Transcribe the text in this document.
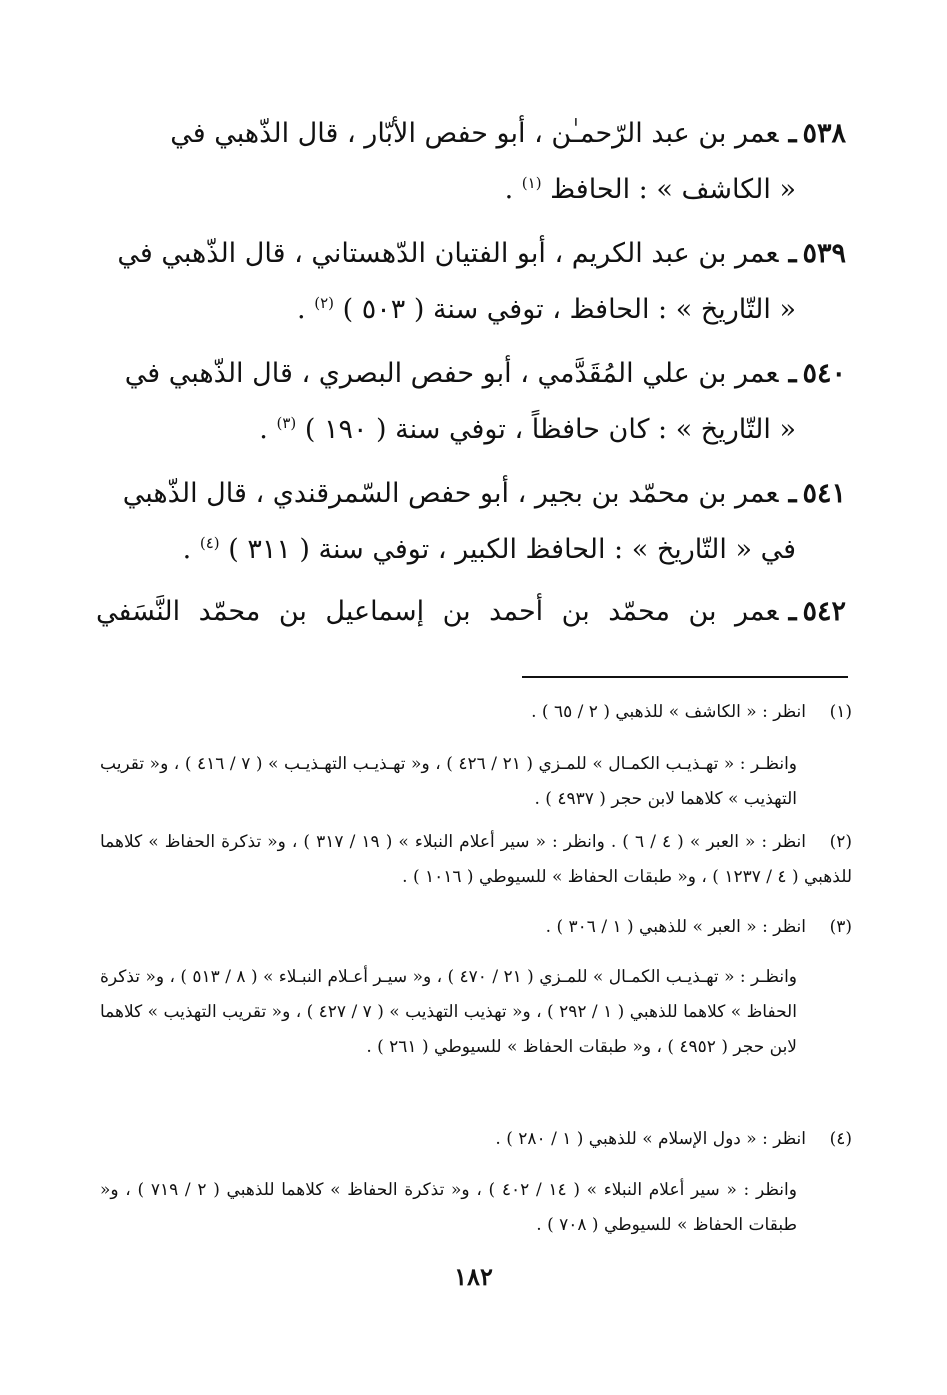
٥٣٨ـعمر بن عبد الرّحمـٰن ، أبو حفص الأبّار ، قال الذّهبي في
« الكاشف » : الحافظ $^{(١)}$ .
٥٣٩ـعمر بن عبد الكريم ، أبو الفتيان الدّهستاني ، قال الذّهبي في
« التّاريخ » : الحافظ ، توفي سنة ( ٥٠٣ ) $^{(٢)}$ .
٥٤٠ـعمر بن علي المُقَدَّمي ، أبو حفص البصري ، قال الذّهبي في
« التّاريخ » : كان حافظاً ، توفي سنة ( ١٩٠ ) $^{(٣)}$ .
٥٤١ـعمر بن محمّد بن بجير ، أبو حفص السّمرقندي ، قال الذّهبي
في « التّاريخ » : الحافظ الكبير ، توفي سنة ( ٣١١ ) $^{(٤)}$ .
٥٤٢ـعمر بن محمّد بن أحمد بن إسماعيل بن محمّد النَّسَفي
(١)انظر : « الكاشف » للذهبي ( ٢ / ٦٥ ) .
وانظـر : « تهـذيـب الكمـال » للمـزي ( ٢١ / ٤٢٦ ) ، و« تهـذيـب التهـذيـب » ( ٧ / ٤١٦ ) ، و« تقريب التهذيب » كلاهما لابن حجر ( ٤٩٣٧ ) .
(٢)انظر : « العبر » ( ٤ / ٦ ) . وانظر : « سير أعلام النبلاء » ( ١٩ / ٣١٧ ) ، و« تذكرة الحفاظ » كلاهما للذهبي ( ٤ / ١٢٣٧ ) ، و« طبقات الحفاظ » للسيوطي ( ١٠١٦ ) .
(٣)انظر : « العبر » للذهبي ( ١ / ٣٠٦ ) .
وانظـر : « تهـذيـب الكمـال » للمـزي ( ٢١ / ٤٧٠ ) ، و« سيـر أعـلام النبـلاء » ( ٨ / ٥١٣ ) ، و« تذكرة الحفاظ » كلاهما للذهبي ( ١ / ٢٩٢ ) ، و« تهذيب التهذيب » ( ٧ / ٤٢٧ ) ، و« تقريب التهذيب » كلاهما لابن حجر ( ٤٩٥٢ ) ، و« طبقات الحفاظ » للسيوطي ( ٢٦١ ) .
(٤)انظر : « دول الإسلام » للذهبي ( ١ / ٢٨٠ ) .
وانظر : « سير أعلام النبلاء » ( ١٤ / ٤٠٢ ) ، و« تذكرة الحفاظ » كلاهما للذهبي ( ٢ / ٧١٩ ) ، و« طبقات الحفاظ » للسيوطي ( ٧٠٨ ) .
١٨٢
